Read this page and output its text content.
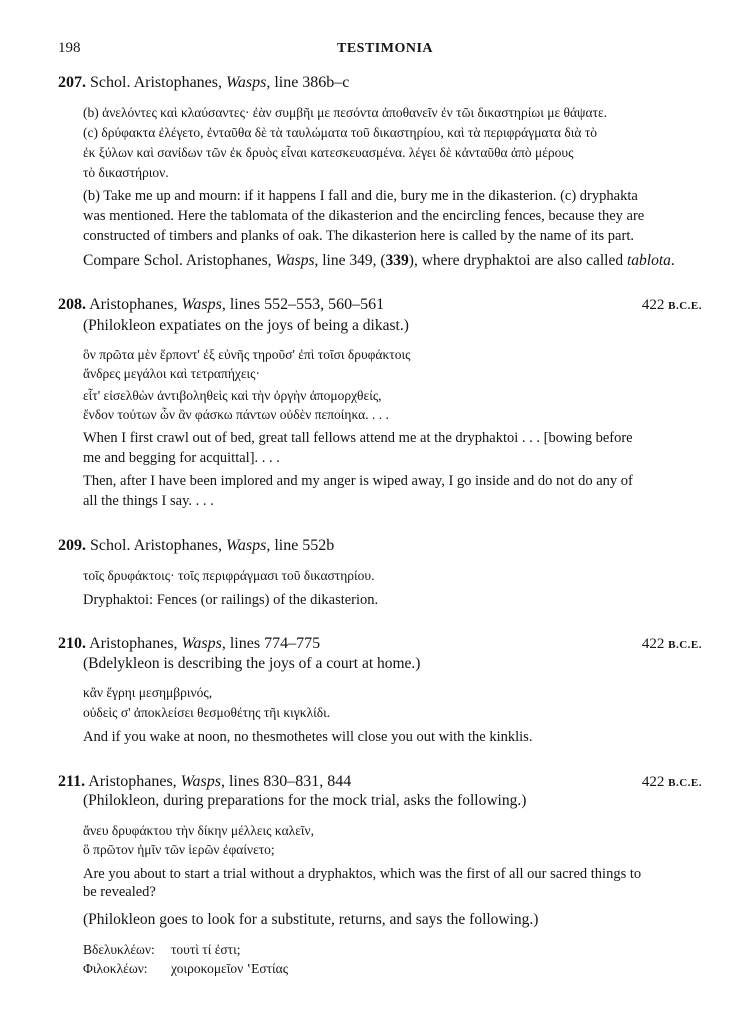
198	TESTIMONIA
207. Schol. Aristophanes, Wasps, line 386b–c
(b) ἀνελόντες καὶ κλαύσαντες· ἐὰν συμβῆι με πεσόντα ἀποθανεῖν ἐν τῶι δικαστηρίωι με θάψατε.
(c) δρύφακτα ἐλέγετο, ἐνταῦθα δὲ τὰ ταυλώματα τοῦ δικαστηρίου, καὶ τὰ περιφράγματα διὰ τὸ
ἐκ ξύλων καὶ σανίδων τῶν ἐκ δρυὸς εἶναι κατεσκευασμένα. λέγει δὲ κἀνταῦθα ἀπὸ μέρους
τὸ δικαστήριον.
(b) Take me up and mourn: if it happens I fall and die, bury me in the dikasterion. (c) dryphakta
was mentioned. Here the tablomata of the dikasterion and the encircling fences, because they are
constructed of timbers and planks of oak. The dikasterion here is called by the name of its part.
Compare Schol. Aristophanes, Wasps, line 349, (339), where dryphaktoi are also called tablota.
208. Aristophanes, Wasps, lines 552–553, 560–561	422 B.C.E.
(Philokleon expatiates on the joys of being a dikast.)
ὃν πρῶτα μὲν ἕρποντ' ἐξ εὐνῆς τηροῦσ' ἐπὶ τοῖσι δρυφάκτοις
ἄνδρες μεγάλοι καὶ τετραπήχεις·
εἶτ' εἰσελθὼν ἀντιβοληθεὶς καὶ τὴν ὀργὴν ἀπομορχθείς,
ἔνδον τούτων ὧν ἂν φάσκω πάντων οὐδὲν πεποίηκα. . . .
When I first crawl out of bed, great tall fellows attend me at the dryphaktoi . . . [bowing before
me and begging for acquittal]. . . .
Then, after I have been implored and my anger is wiped away, I go inside and do not do any of
all the things I say. . . .
209. Schol. Aristophanes, Wasps, line 552b
τοῖς δρυφάκτοις· τοῖς περιφράγμασι τοῦ δικαστηρίου.
Dryphaktoi: Fences (or railings) of the dikasterion.
210. Aristophanes, Wasps, lines 774–775	422 B.C.E.
(Bdelykleon is describing the joys of a court at home.)
κἂν ἔγρηι μεσημβρινός,
οὐδεὶς σ' ἀποκλείσει θεσμοθέτης τῆι κιγκλίδι.
And if you wake at noon, no thesmothetes will close you out with the kinklis.
211. Aristophanes, Wasps, lines 830–831, 844	422 B.C.E.
(Philokleon, during preparations for the mock trial, asks the following.)
ἄνευ δρυφάκτου τὴν δίκην μέλλεις καλεῖν,
ὃ πρῶτον ἡμῖν τῶν ἱερῶν ἐφαίνετο;
Are you about to start a trial without a dryphaktos, which was the first of all our sacred things to
be revealed?
(Philokleon goes to look for a substitute, returns, and says the following.)
Βδελυκλέων: τουτὶ τί ἐστι;
Φιλοκλέων: χοιροκομεῖον ʽΕστίας
